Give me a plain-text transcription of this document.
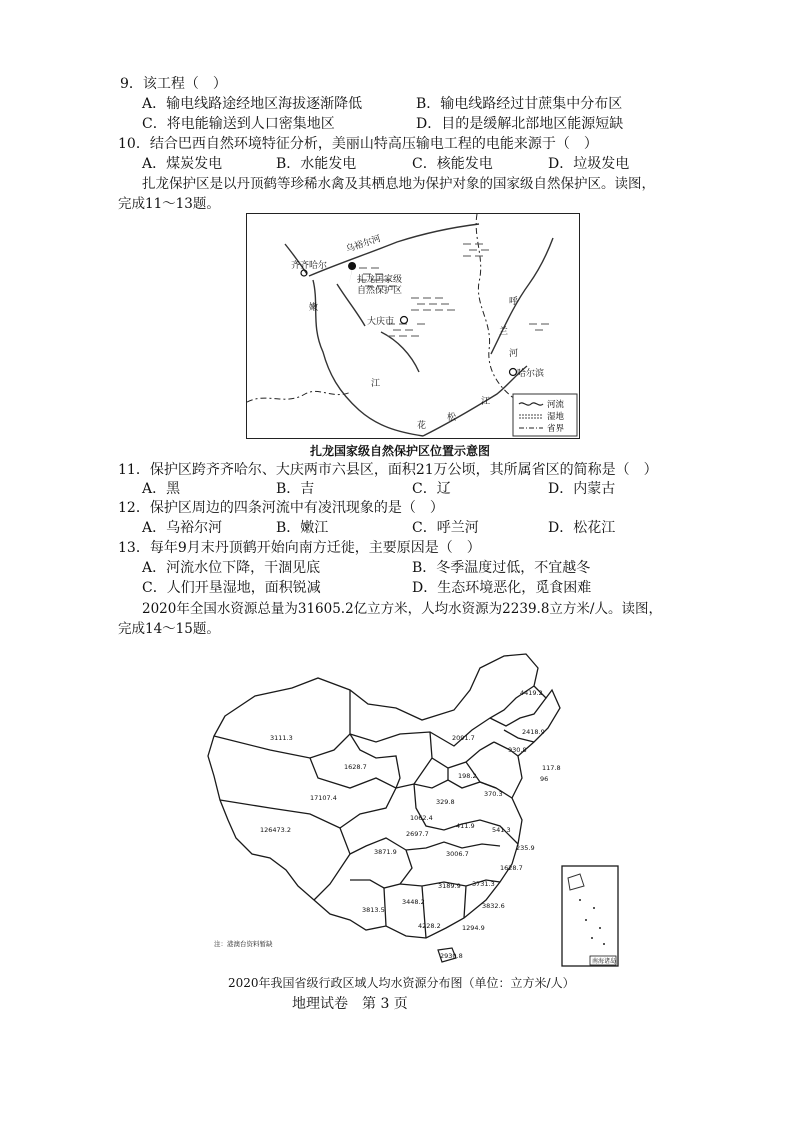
9．该工程（　）
A．输电线路途经地区海拔逐渐降低	B．输电线路经过甘蔗集中分布区
C．将电能输送到人口密集地区	D．目的是缓解北部地区能源短缺
10．结合巴西自然环境特征分析，美丽山特高压输电工程的电能来源于（　）
A．煤炭发电	B．水能发电	C．核能发电	D．垃圾发电
扎龙保护区是以丹顶鹤等珍稀水禽及其栖息地为保护对象的国家级自然保护区。读图，
完成11～13题。
齐齐哈尔
乌裕尔河
扎龙国家级
自然保护区
大庆市
哈尔滨
嫩
江
松
花
江
呼
兰
河
河流
湿地
省界
扎龙国家级自然保护区位置示意图
11．保护区跨齐齐哈尔、大庆两市六县区，面积21万公顷，其所属省区的简称是（　）
A．黑	B．吉	C．辽	D．内蒙古
12．保护区周边的四条河流中有凌汛现象的是（　）
A．乌裕尔河	B．嫩江	C．呼兰河	D．松花江
13．每年9月末丹顶鹤开始向南方迁徙，主要原因是（　）
A．河流水位下降，干涸见底	B．冬季温度过低，不宜越冬
C．人们开垦湿地，面积锐减	D．生态环境恶化，觅食困难
2020年全国水资源总量为31605.2亿立方米，人均水资源为2239.8立方米/人。读图，
完成14～15题。
4419.2
2418.9
3111.3	2091.7
930.8
117.8
96
1628.7
198.2
370.3
17107.4	329.8
1062.4
411.9	541.3
126473.2
3871.9	3006.7
235.9
1628.7
3189.9 3731.3
3448.2	3832.6
3813.5
4228.2	1294.9
2697.7
2930.8
注：港澳台资料暂缺
南海诸岛
2020年我国省级行政区域人均水资源分布图（单位：立方米/人）
地理试卷　第 3 页
